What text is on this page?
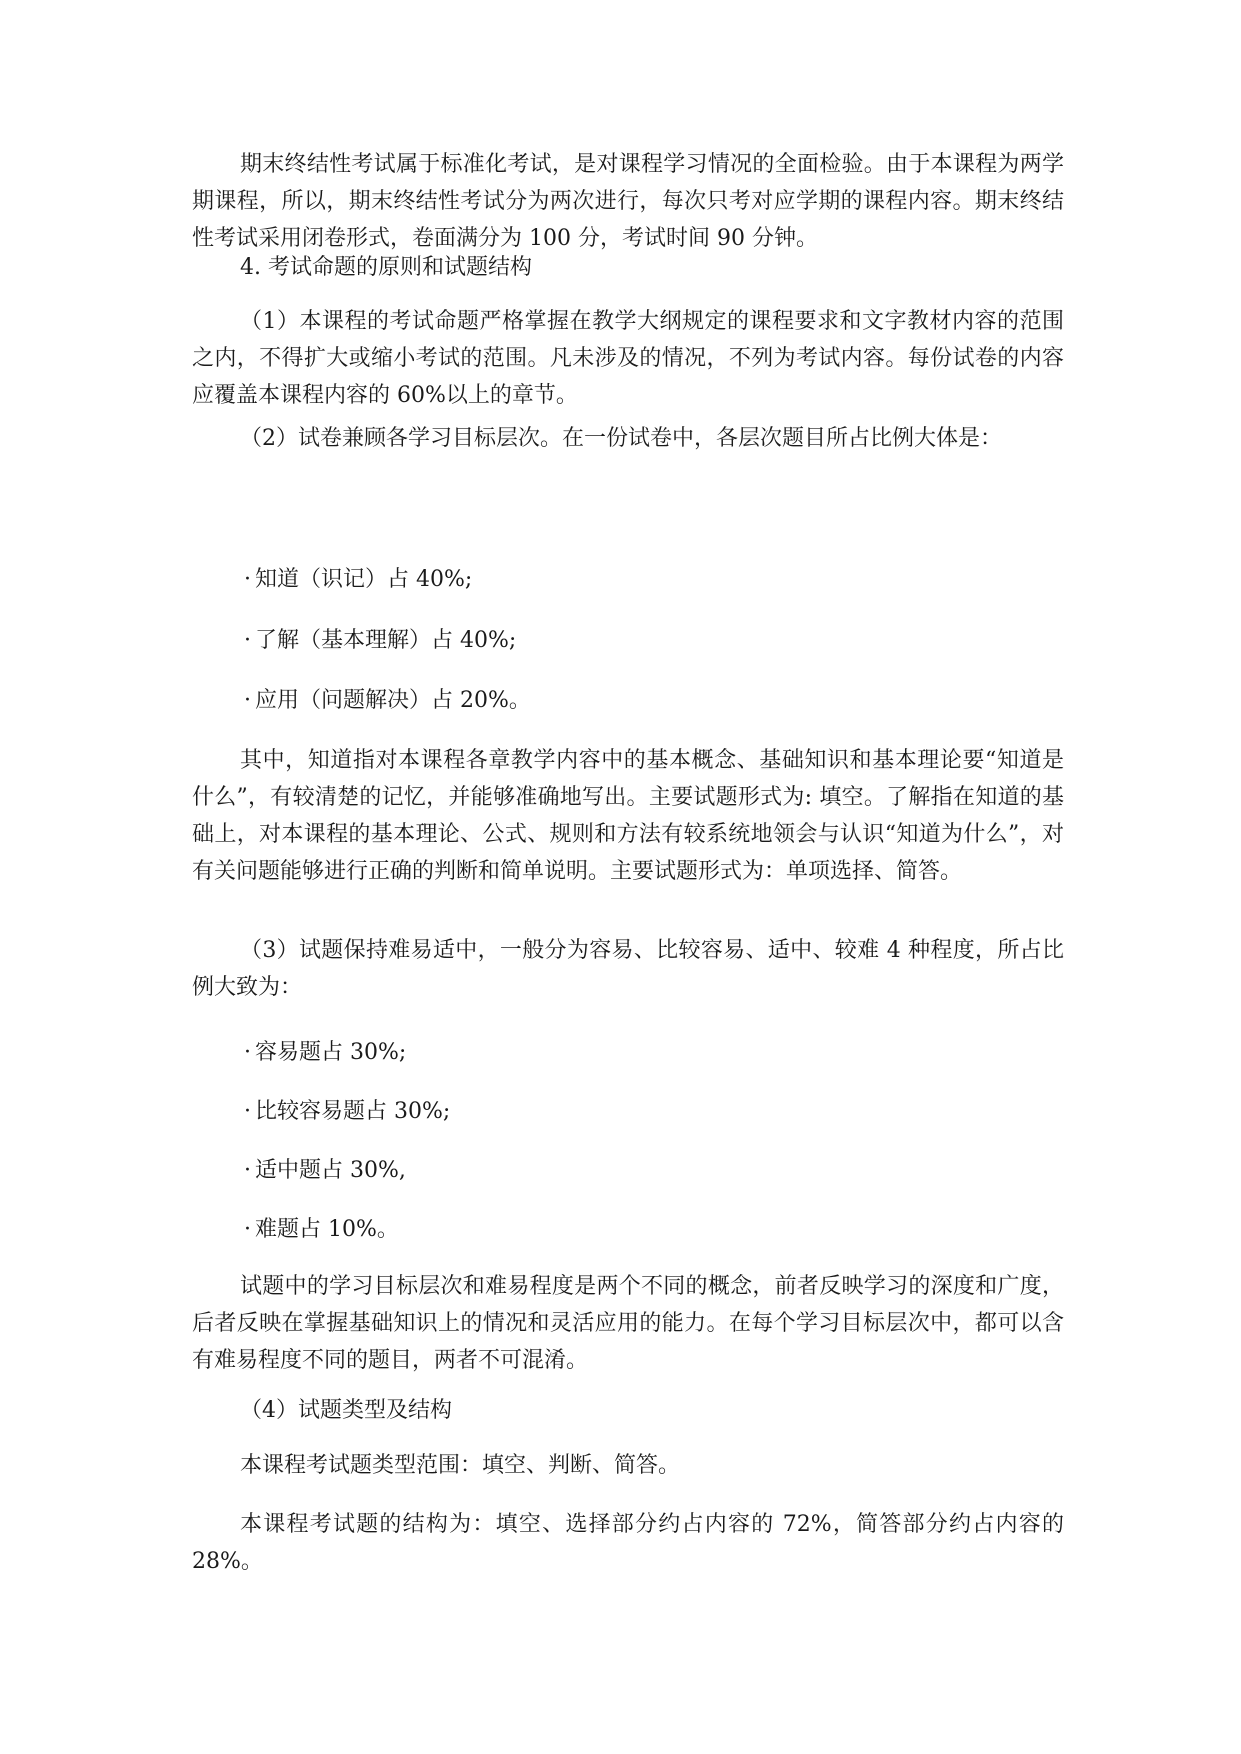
期末终结性考试属于标准化考试，是对课程学习情况的全面检验。由于本课程为两学期课程，所以，期末终结性考试分为两次进行，每次只考对应学期的课程内容。期末终结性考试采用闭卷形式，卷面满分为 100 分，考试时间 90 分钟。

4. 考试命题的原则和试题结构

（1）本课程的考试命题严格掌握在教学大纲规定的课程要求和文字教材内容的范围之内，不得扩大或缩小考试的范围。凡未涉及的情况，不列为考试内容。每份试卷的内容应覆盖本课程内容的 60%以上的章节。

（2）试卷兼顾各学习目标层次。在一份试卷中，各层次题目所占比例大体是：

· 知道（识记）占 40%;

· 了解（基本理解）占 40%;

· 应用（问题解决）占 20%。

其中，知道指对本课程各章教学内容中的基本概念、基础知识和基本理论要“知道是什么”，有较清楚的记忆，并能够准确地写出。主要试题形式为: 填空。了解指在知道的基础上，对本课程的基本理论、公式、规则和方法有较系统地领会与认识“知道为什么”，对有关问题能够进行正确的判断和简单说明。主要试题形式为：单项选择、简答。

（3）试题保持难易适中，一般分为容易、比较容易、适中、较难 4 种程度，所占比例大致为：

· 容易题占 30%;

· 比较容易题占 30%;

· 适中题占 30%,

· 难题占 10%。

试题中的学习目标层次和难易程度是两个不同的概念，前者反映学习的深度和广度，后者反映在掌握基础知识上的情况和灵活应用的能力。在每个学习目标层次中，都可以含有难易程度不同的题目，两者不可混淆。

（4）试题类型及结构

本课程考试题类型范围：填空、判断、简答。

本课程考试题的结构为：填空、选择部分约占内容的 72%，简答部分约占内容的 28%。
